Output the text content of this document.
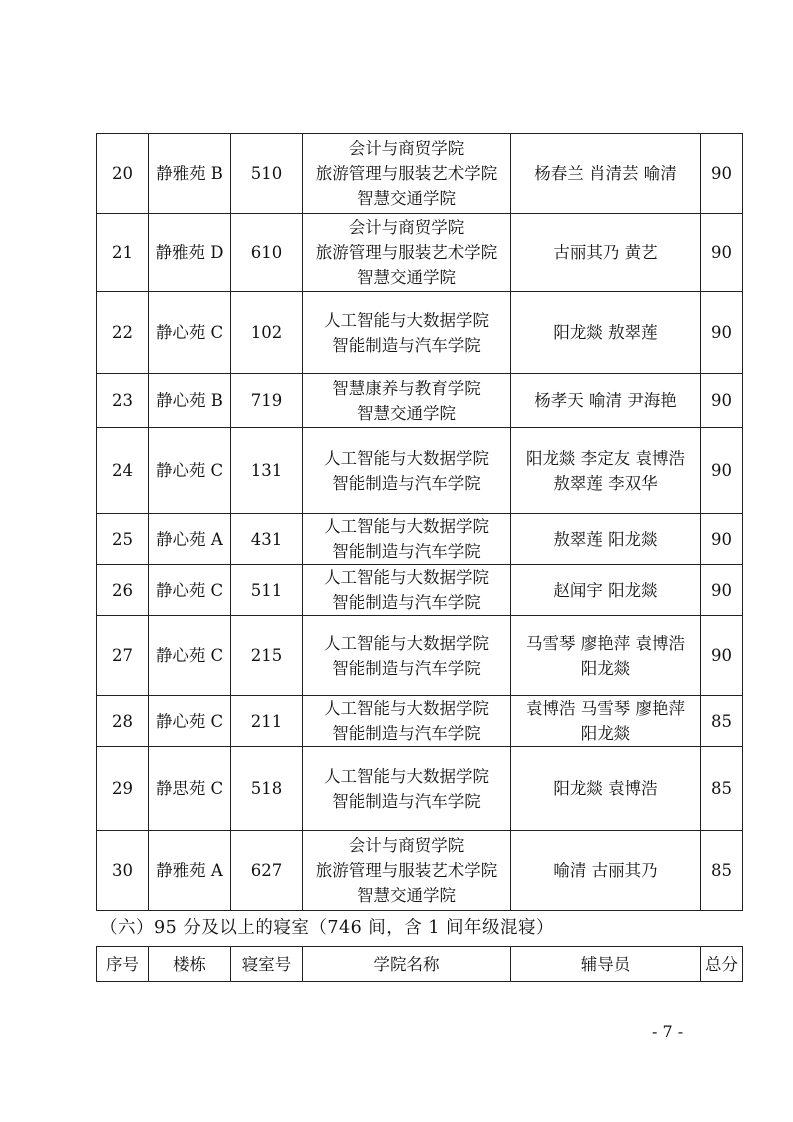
20	静雅苑 B	510	会计与商贸学院
旅游管理与服装艺术学院
智慧交通学院	杨春兰 肖清芸 喻清	90
21	静雅苑 D	610	会计与商贸学院
旅游管理与服装艺术学院
智慧交通学院	古丽其乃 黄艺	90
22	静心苑 C	102	人工智能与大数据学院
智能制造与汽车学院	阳龙燚 敖翠莲	90
23	静心苑 B	719	智慧康养与教育学院
智慧交通学院	杨孝天 喻清 尹海艳	90
24	静心苑 C	131	人工智能与大数据学院
智能制造与汽车学院	阳龙燚 李定友 袁博浩
敖翠莲 李双华	90
25	静心苑 A	431	人工智能与大数据学院
智能制造与汽车学院	敖翠莲 阳龙燚	90
26	静心苑 C	511	人工智能与大数据学院
智能制造与汽车学院	赵闻宇 阳龙燚	90
27	静心苑 C	215	人工智能与大数据学院
智能制造与汽车学院	马雪琴 廖艳萍 袁博浩
阳龙燚	90
28	静心苑 C	211	人工智能与大数据学院
智能制造与汽车学院	袁博浩 马雪琴 廖艳萍
阳龙燚	85
29	静思苑 C	518	人工智能与大数据学院
智能制造与汽车学院	阳龙燚 袁博浩	85
30	静雅苑 A	627	会计与商贸学院
旅游管理与服装艺术学院
智慧交通学院	喻清 古丽其乃	85
（六）95 分及以上的寝室（746 间，含 1 间年级混寝）
序号	楼栋	寝室号	学院名称	辅导员	总分
- 7 -
